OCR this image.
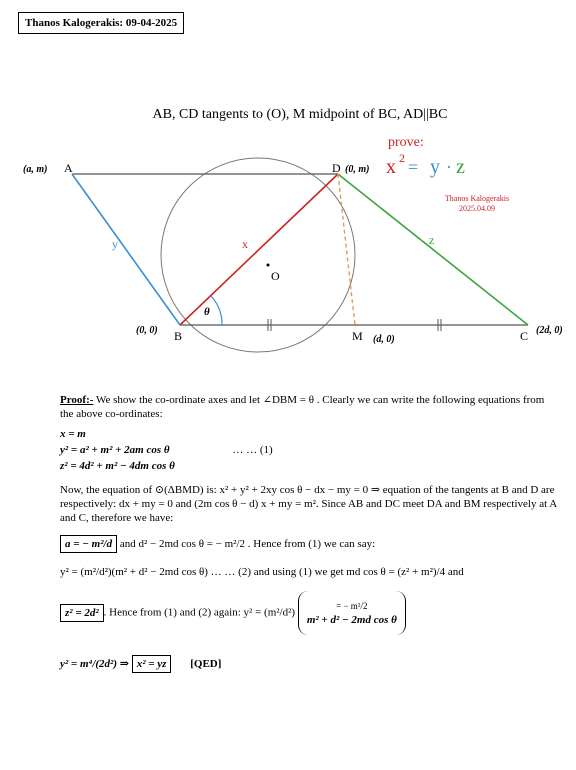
Thanos Kalogerakis: 09-04-2025
AB, CD tangents to (O), M midpoint of BC, AD||BC
prove:
x 2 = y · z
Thanos Kalogerakis
2025.04.09
θ
O
y	x	z
(a, m) A	D (0, m)
(0, 0) B	M (d, 0)	C (2d, 0)

Proof:- We show the co-ordinate axes and let ∠DBM = θ . Clearly we can write the following equations from the above co-ordinates:

x = m

y² = a² + m² + 2am cos θ	… … (1)

z² = 4d² + m² − 4dm cos θ

Now, the equation of ⊙(ΔBMD) is: x² + y² + 2xy cos θ − dx − my = 0 ⇒ equation of the tangents at B and D are respectively: dx + my = 0 and (2m cos θ − d) x + my = m². Since AB and DC meet DA and BM respectively at A and C, therefore we have:

a = − m²/d and d² − 2md cos θ = − m²/2 . Hence from (1) we can say:

y² = (m²/d²)(m² + d² − 2md cos θ) … … (2) and using (1) we get md cos θ = (z² + m²)/4 and

z² = 2d² . Hence from (1) and (2) again: y² = (m²/d²)
= − m²/2
m² + d² − 2md cos θ

y² = m⁴/(2d²) ⇒ x² = yz [QED]
